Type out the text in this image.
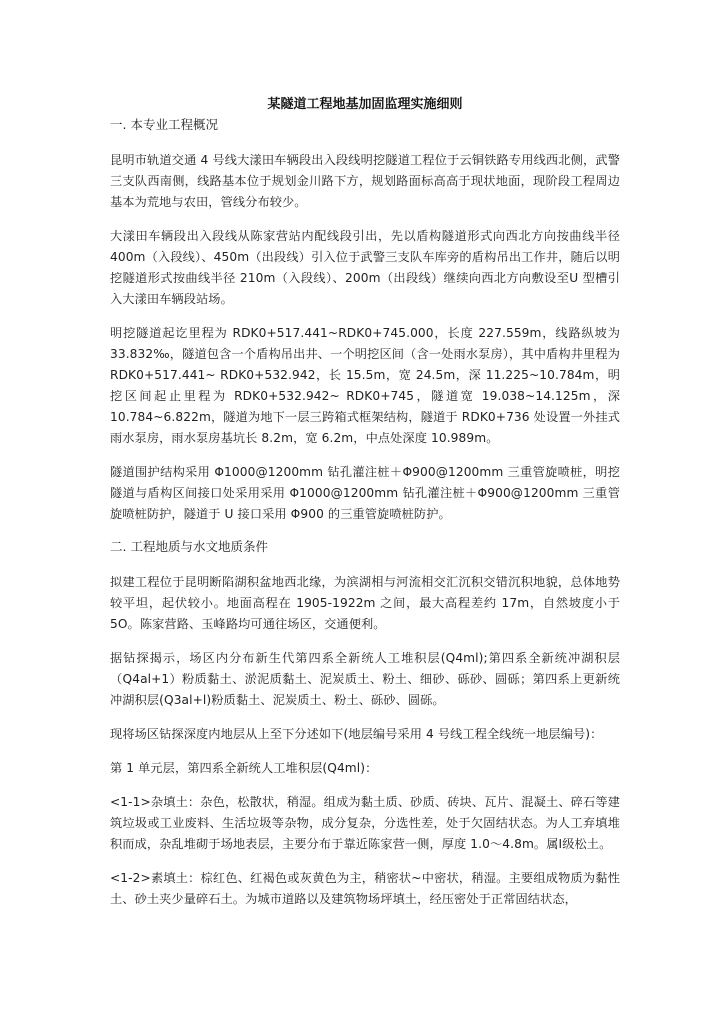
某隧道工程地基加固监理实施细则
一. 本专业工程概况

昆明市轨道交通 4 号线大漾田车辆段出入段线明挖隧道工程位于云铜铁路专用线西北侧，武警三支队西南侧，线路基本位于规划金川路下方，规划路面标高高于现状地面，现阶段工程周边基本为荒地与农田，管线分布较少。

大漾田车辆段出入段线从陈家营站内配线段引出，先以盾构隧道形式向西北方向按曲线半径 400m（入段线）、450m（出段线）引入位于武警三支队车库旁的盾构吊出工作井，随后以明挖隧道形式按曲线半径 210m（入段线）、200m（出段线）继续向西北方向敷设至U 型槽引入大漾田车辆段站场。

明挖隧道起讫里程为 RDK0+517.441~RDK0+745.000，长度 227.559m，线路纵坡为33.832‰，隧道包含一个盾构吊出井、一个明挖区间（含一处雨水泵房），其中盾构井里程为 RDK0+517.441~ RDK0+532.942，长 15.5m，宽 24.5m，深 11.225~10.784m，明挖区间起止里程为 RDK0+532.942~ RDK0+745，隧道宽 19.038~14.125m，深 10.784~6.822m，隧道为地下一层三跨箱式框架结构，隧道于 RDK0+736 处设置一外挂式雨水泵房，雨水泵房基坑长 8.2m，宽 6.2m，中点处深度 10.989m。

隧道围护结构采用 Φ1000@1200mm 钻孔灌注桩＋Φ900@1200mm 三重管旋喷桩，明挖隧道与盾构区间接口处采用采用 Φ1000@1200mm 钻孔灌注桩＋Φ900@1200mm 三重管旋喷桩防护，隧道于 U 接口采用 Φ900 的三重管旋喷桩防护。

二. 工程地质与水文地质条件

拟建工程位于昆明断陷湖积盆地西北缘，为滨湖相与河流相交汇沉积交错沉积地貌，总体地势较平坦，起伏较小。地面高程在 1905-1922m 之间，最大高程差约 17m，自然坡度小于 5O。陈家营路、玉峰路均可通往场区，交通便利。

据钻探揭示，场区内分布新生代第四系全新统人工堆积层(Q4ml);第四系全新统冲湖积层（Q4al+1）粉质黏土、淤泥质黏土、泥炭质土、粉土、细砂、砾砂、圆砾；第四系上更新统冲湖积层(Q3al+l)粉质黏土、泥炭质土、粉土、砾砂、圆砾。

现将场区钻探深度内地层从上至下分述如下(地层编号采用 4 号线工程全线统一地层编号)：

第 1 单元层，第四系全新统人工堆积层(Q4ml)：

<1-1>杂填土：杂色，松散状，稍湿。组成为黏土质、砂质、砖块、瓦片、混凝土、碎石等建筑垃圾或工业废料、生活垃圾等杂物，成分复杂，分选性差，处于欠固结状态。为人工弃填堆积而成，杂乱堆砌于场地表层，主要分布于靠近陈家营一侧，厚度 1.0～4.8m。属Ⅰ级松土。

<1-2>素填土：棕红色、红褐色或灰黄色为主，稍密状~中密状，稍湿。主要组成物质为黏性土、砂土夹少量碎石土。为城市道路以及建筑物场坪填土，经压密处于正常固结状态，
